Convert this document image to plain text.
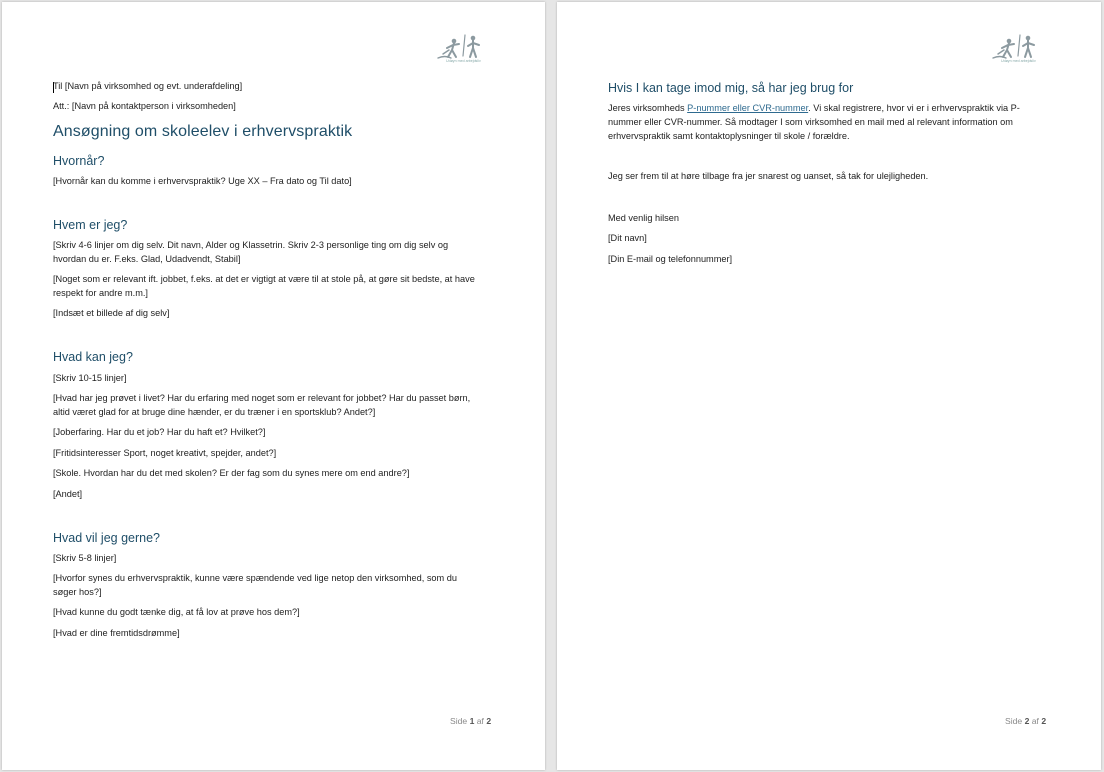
Udøyn med arbejdsliv
Til [Navn på virksomhed og evt. underafdeling]
Att.: [Navn på kontaktperson i virksomheden]
Ansøgning om skoleelev i erhvervspraktik
Hvornår?
[Hvornår kan du komme i erhvervspraktik? Uge XX – Fra dato og Til dato]
Hvem er jeg?
[Skriv 4-6 linjer om dig selv. Dit navn, Alder og Klassetrin. Skriv 2-3 personlige ting om dig selv og
hvordan du er. F.eks. Glad, Udadvendt, Stabil]
[Noget som er relevant ift. jobbet, f.eks. at det er vigtigt at være til at stole på, at gøre sit bedste, at have
respekt for andre m.m.]
[Indsæt et billede af dig selv]
Hvad kan jeg?
[Skriv 10-15 linjer]
[Hvad har jeg prøvet i livet? Har du erfaring med noget som er relevant for jobbet? Har du passet børn,
altid været glad for at bruge dine hænder, er du træner i en sportsklub? Andet?]
[Joberfaring. Har du et job? Har du haft et? Hvilket?]
[Fritidsinteresser Sport, noget kreativt, spejder, andet?]
[Skole. Hvordan har du det med skolen? Er der fag som du synes mere om end andre?]
[Andet]
Hvad vil jeg gerne?
[Skriv 5-8 linjer]
[Hvorfor synes du erhvervspraktik, kunne være spændende ved lige netop den virksomhed, som du
søger hos?]
[Hvad kunne du godt tænke dig, at få lov at prøve hos dem?]
[Hvad er dine fremtidsdrømme]
Side 1 af 2
Udøyn med arbejdsliv
Hvis I kan tage imod mig, så har jeg brug for
Jeres virksomheds P-nummer eller CVR-nummer. Vi skal registrere, hvor vi er i erhvervspraktik via P-
nummer eller CVR-nummer. Så modtager I som virksomhed en mail med al relevant information om
erhvervspraktik samt kontaktoplysninger til skole / forældre.
Jeg ser frem til at høre tilbage fra jer snarest og uanset, så tak for ulejligheden.
Med venlig hilsen
[Dit navn]
[Din E-mail og telefonnummer]
Side 2 af 2
